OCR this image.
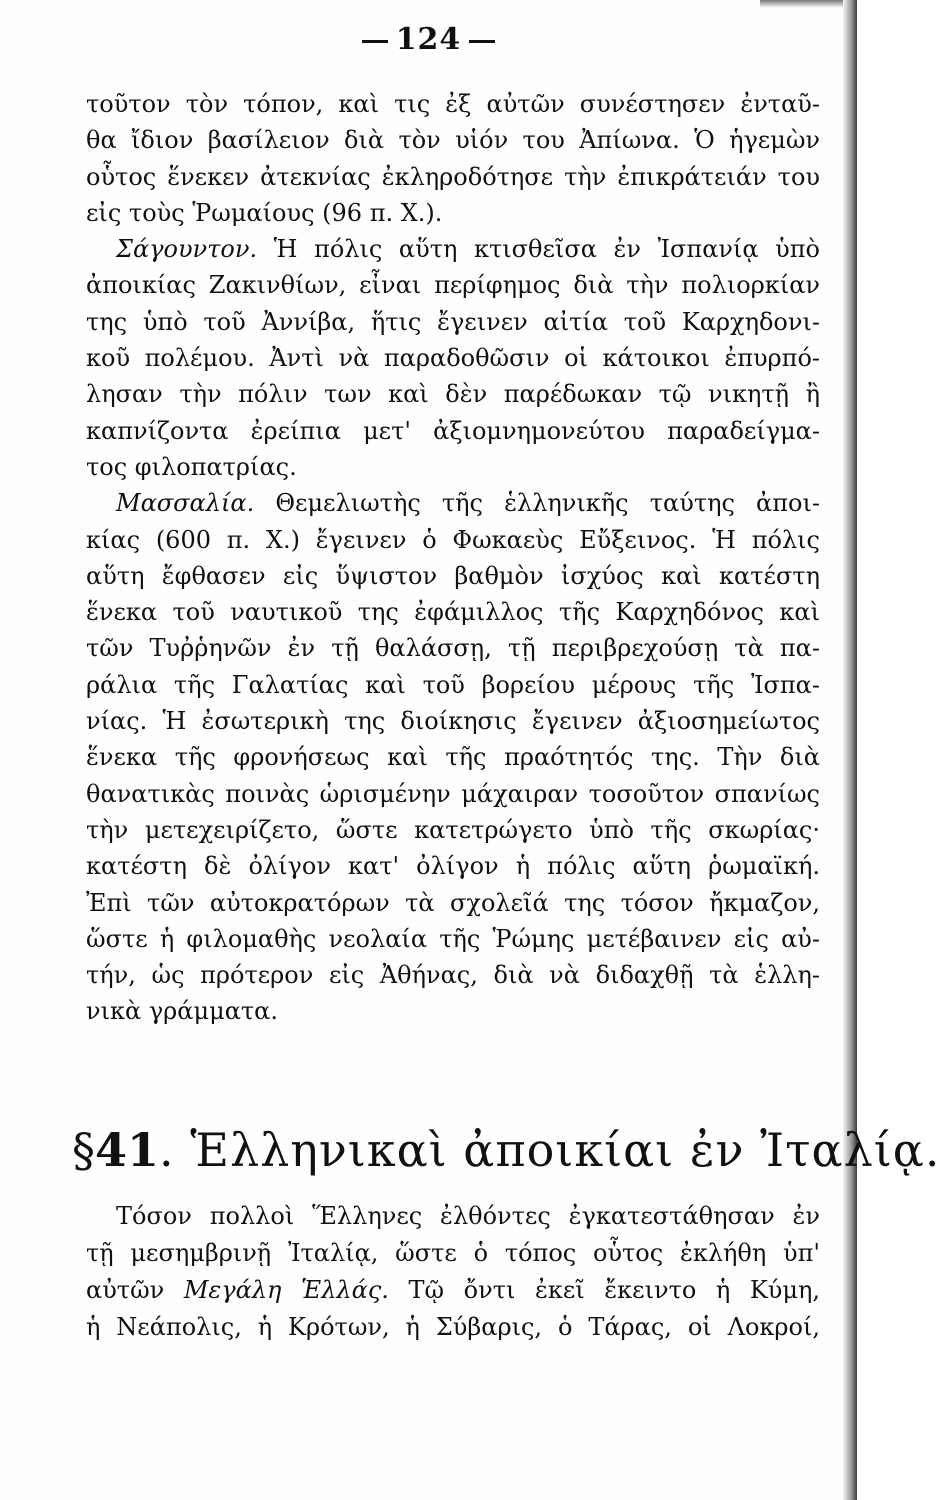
124
τοῦτον τὸν τόπον, καὶ τις ἐξ αὐτῶν συνέστησεν ἐνταῦ-
θα ἴδιον βασίλειον διὰ τὸν υἱόν του Ἀπίωνα. Ὁ ἡγεμὼν
οὗτος ἕνεκεν ἀτεκνίας ἐκληροδότησε τὴν ἐπικράτειάν του
εἰς τοὺς Ῥωμαίους (96 π. Χ.).
Σάγουντον. Ἡ πόλις αὕτη κτισθεῖσα ἐν Ἰσπανίᾳ ὑπὸ
ἀποικίας Ζακινθίων, εἶναι περίφημος διὰ τὴν πολιορκίαν
της ὑπὸ τοῦ Ἀννίβα, ἥτις ἔγεινεν αἰτία τοῦ Καρχηδονι-
κοῦ πολέμου. Ἀντὶ νὰ παραδοθῶσιν οἱ κάτοικοι ἐπυρπό-
λησαν τὴν πόλιν των καὶ δὲν παρέδωκαν τῷ νικητῇ ἢ
καπνίζοντα ἐρείπια μετ' ἀξιομνημονεύτου παραδείγμα-
τος φιλοπατρίας.
Μασσαλία. Θεμελιωτὴς τῆς ἑλληνικῆς ταύτης ἀποι-
κίας (600 π. Χ.) ἔγεινεν ὁ Φωκαεὺς Εὔξεινος. Ἡ πόλις
αὕτη ἔφθασεν εἰς ὕψιστον βαθμὸν ἰσχύος καὶ κατέστη
ἕνεκα τοῦ ναυτικοῦ της ἐφάμιλλος τῆς Καρχηδόνος καὶ
τῶν Τυῤῥηνῶν ἐν τῇ θαλάσσῃ, τῇ περιβρεχούσῃ τὰ πα-
ράλια τῆς Γαλατίας καὶ τοῦ βορείου μέρους τῆς Ἰσπα-
νίας. Ἡ ἐσωτερικὴ της διοίκησις ἔγεινεν ἀξιοσημείωτος
ἕνεκα τῆς φρονήσεως καὶ τῆς πραότητός της. Τὴν διὰ
θανατικὰς ποινὰς ὡρισμένην μάχαιραν τοσοῦτον σπανίως
τὴν μετεχειρίζετο, ὥστε κατετρώγετο ὑπὸ τῆς σκωρίας·
κατέστη δὲ ὀλίγον κατ' ὀλίγον ἡ πόλις αὕτη ῥωμαϊκή.
Ἐπὶ τῶν αὐτοκρατόρων τὰ σχολεῖά της τόσον ἤκμαζον,
ὥστε ἡ φιλομαθὴς νεολαία τῆς Ῥώμης μετέβαινεν εἰς αὐ-
τήν, ὡς πρότερον εἰς Ἀθήνας, διὰ νὰ διδαχθῇ τὰ ἑλλη-
νικὰ γράμματα.
§41. Ἑλληνικαὶ ἀποικίαι ἐν Ἰταλίᾳ.
Τόσον πολλοὶ Ἕλληνες ἐλθόντες ἐγκατεστάθησαν ἐν
τῇ μεσημβρινῇ Ἰταλίᾳ, ὥστε ὁ τόπος οὗτος ἐκλήθη ὑπ'
αὐτῶν Μεγάλη Ἑλλάς. Τῷ ὄντι ἐκεῖ ἔκειντο ἡ Κύμη,
ἡ Νεάπολις, ἡ Κρότων, ἡ Σύβαρις, ὁ Τάρας, οἱ Λοκροί,
